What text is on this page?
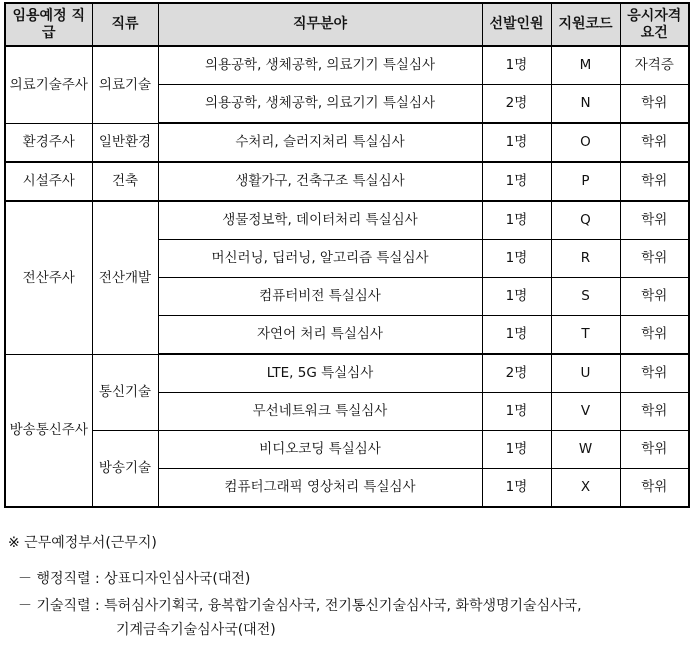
임용예정 직급	직류	직무분야	선발인원	지원코드	응시자격 요건
의료기술주사	의료기술	의용공학, 생체공학, 의료기기 특실심사	1명	M	자격증
		의용공학, 생체공학, 의료기기 특실심사	2명	N	학위
환경주사	일반환경	수처리, 슬러지처리 특실심사	1명	O	학위
시설주사	건축	생활가구, 건축구조 특실심사	1명	P	학위
전산주사	전산개발	생물정보학, 데이터처리 특실심사	1명	Q	학위
		머신러닝, 딥러닝, 알고리즘 특실심사	1명	R	학위
		컴퓨터비전 특실심사	1명	S	학위
		자연어 처리 특실심사	1명	T	학위
방송통신주사	통신기술	LTE, 5G 특실심사	2명	U	학위
		무선네트워크 특실심사	1명	V	학위
	방송기술	비디오코딩 특실심사	1명	W	학위
		컴퓨터그래픽 영상처리 특실심사	1명	X	학위
※ 근무예정부서(근무지)
－ 행정직렬 : 상표디자인심사국(대전)
－ 기술직렬 : 특허심사기획국, 융복합기술심사국, 전기통신기술심사국, 화학생명기술심사국,
기계금속기술심사국(대전)
